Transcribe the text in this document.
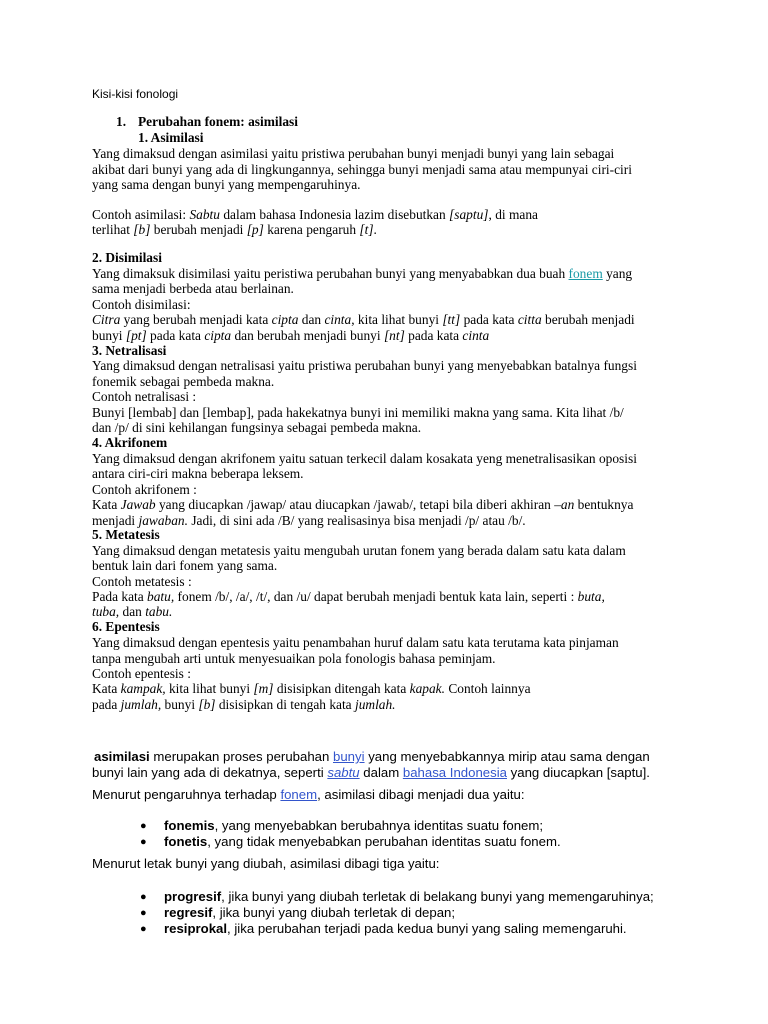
Kisi-kisi fonologi
1. Perubahan fonem: asimilasi
1. Asimilasi
Yang dimaksud dengan asimilasi yaitu pristiwa perubahan bunyi menjadi bunyi yang lain sebagai
akibat dari bunyi yang ada di lingkungannya, sehingga bunyi menjadi sama atau mempunyai ciri-ciri
yang sama dengan bunyi yang mempengaruhinya.
Contoh asimilasi: Sabtu dalam bahasa Indonesia lazim disebutkan [saptu], di mana
terlihat [b] berubah menjadi [p] karena pengaruh [t].
2. Disimilasi
Yang dimaksuk disimilasi yaitu peristiwa perubahan bunyi yang menyababkan dua buah fonem yang
sama menjadi berbeda atau berlainan.
Contoh disimilasi:
Citra yang berubah menjadi kata cipta dan cinta, kita lihat bunyi [tt] pada kata citta berubah menjadi
bunyi [pt] pada kata cipta dan berubah menjadi bunyi [nt] pada kata cinta
3. Netralisasi
Yang dimaksud dengan netralisasi yaitu pristiwa perubahan bunyi yang menyebabkan batalnya fungsi
fonemik sebagai pembeda makna.
Contoh netralisasi :
Bunyi [lembab] dan [lembap], pada hakekatnya bunyi ini memiliki makna yang sama. Kita lihat /b/
dan /p/ di sini kehilangan fungsinya sebagai pembeda makna.
4. Akrifonem
Yang dimaksud dengan akrifonem yaitu satuan terkecil dalam kosakata yeng menetralisasikan oposisi
antara ciri-ciri makna beberapa leksem.
Contoh akrifonem :
Kata Jawab yang diucapkan /jawap/ atau diucapkan /jawab/, tetapi bila diberi akhiran –an bentuknya
menjadi jawaban. Jadi, di sini ada /B/ yang realisasinya bisa menjadi /p/ atau /b/.
5. Metatesis
Yang dimaksud dengan metatesis yaitu mengubah urutan fonem yang berada dalam satu kata dalam
bentuk lain dari fonem yang sama.
Contoh metatesis :
Pada kata batu, fonem /b/, /a/, /t/, dan /u/ dapat berubah menjadi bentuk kata lain, seperti : buta,
tuba, dan tabu.
6. Epentesis
Yang dimaksud dengan epentesis yaitu penambahan huruf dalam satu kata terutama kata pinjaman
tanpa mengubah arti untuk menyesuaikan pola fonologis bahasa peminjam.
Contoh epentesis :
Kata kampak, kita lihat bunyi [m] disisipkan ditengah kata kapak. Contoh lainnya
pada jumlah, bunyi [b] disisipkan di tengah kata jumlah.
asimilasi merupakan proses perubahan bunyi yang menyebabkannya mirip atau sama dengan
bunyi lain yang ada di dekatnya, seperti sabtu dalam bahasa Indonesia yang diucapkan [saptu].
Menurut pengaruhnya terhadap fonem, asimilasi dibagi menjadi dua yaitu:
● fonemis, yang menyebabkan berubahnya identitas suatu fonem;
● fonetis, yang tidak menyebabkan perubahan identitas suatu fonem.
Menurut letak bunyi yang diubah, asimilasi dibagi tiga yaitu:
● progresif, jika bunyi yang diubah terletak di belakang bunyi yang memengaruhinya;
● regresif, jika bunyi yang diubah terletak di depan;
● resiprokal, jika perubahan terjadi pada kedua bunyi yang saling memengaruhi.
